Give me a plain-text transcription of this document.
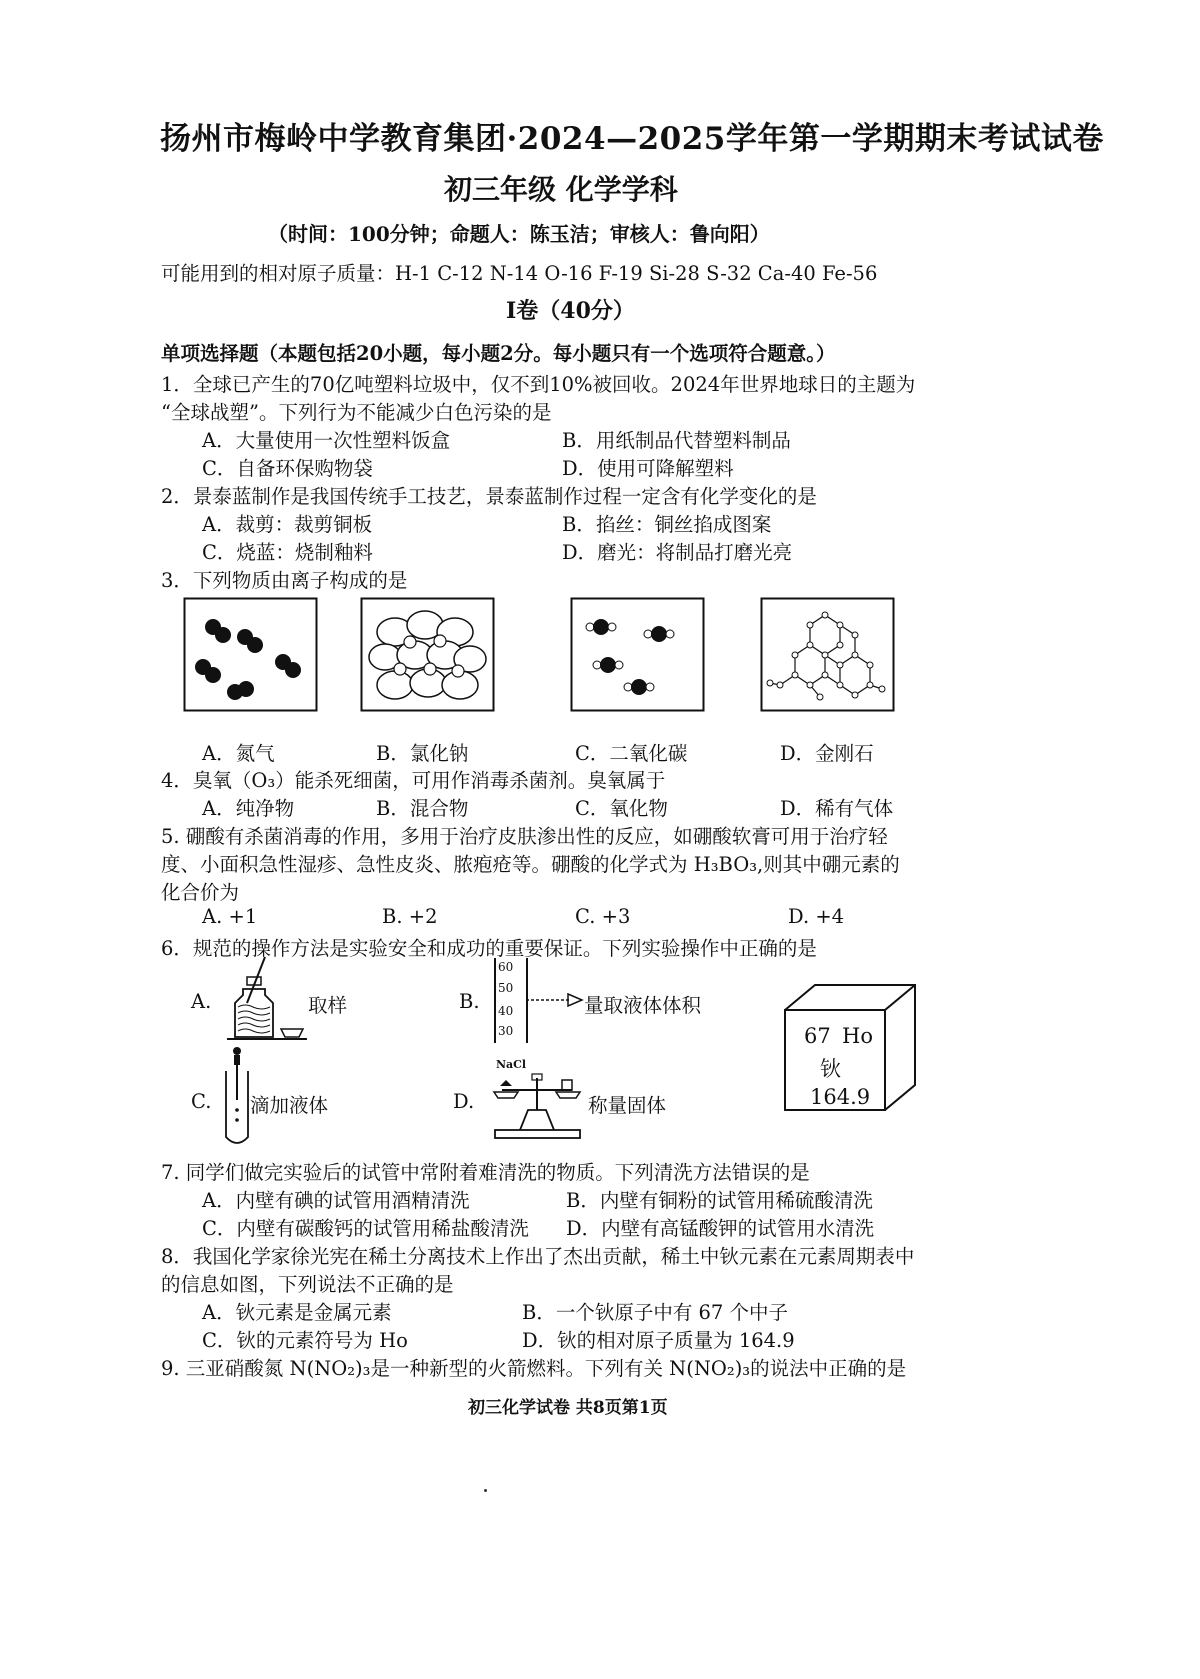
扬州市梅岭中学教育集团·2024—2025学年第一学期期末考试试卷
初三年级 化学学科
（时间：100分钟；命题人：陈玉洁；审核人：鲁向阳）
可能用到的相对原子质量：H-1 C-12 N-14 O-16 F-19 Si-28 S-32 Ca-40 Fe-56
Ⅰ卷（40分）
单项选择题（本题包括20小题，每小题2分。每小题只有一个选项符合题意。）
1．全球已产生的70亿吨塑料垃圾中，仅不到10%被回收。2024年世界地球日的主题为
“全球战塑”。下列行为不能减少白色污染的是
A．大量使用一次性塑料饭盒	B．用纸制品代替塑料制品
C．自备环保购物袋	D．使用可降解塑料
2．景泰蓝制作是我国传统手工技艺，景泰蓝制作过程一定含有化学变化的是
A．裁剪：裁剪铜板	B．掐丝：铜丝掐成图案
C．烧蓝：烧制釉料	D．磨光：将制品打磨光亮
3．下列物质由离子构成的是
A．氮气	B．氯化钠	C．二氧化碳	D．金刚石
4．臭氧（O₃）能杀死细菌，可用作消毒杀菌剂。臭氧属于
A．纯净物	B．混合物	C．氧化物	D．稀有气体
5. 硼酸有杀菌消毒的作用，多用于治疗皮肤渗出性的反应，如硼酸软膏可用于治疗轻
度、小面积急性湿疹、急性皮炎、脓疱疮等。硼酸的化学式为 H₃BO₃,则其中硼元素的
化合价为
A. +1	B. +2	C. +3	D. +4
6．规范的操作方法是实验安全和成功的重要保证。下列实验操作中正确的是
A.	取样	B.
60
50
40
30
量取液体体积
67 Ho
钬
164.9
C. 滴加液体	D.
NaCl
称量固体
7. 同学们做完实验后的试管中常附着难清洗的物质。下列清洗方法错误的是
A．内壁有碘的试管用酒精清洗	B．内壁有铜粉的试管用稀硫酸清洗
C．内壁有碳酸钙的试管用稀盐酸清洗 D．内壁有高锰酸钾的试管用水清洗
8．我国化学家徐光宪在稀土分离技术上作出了杰出贡献，稀土中钬元素在元素周期表中
的信息如图，下列说法不正确的是
A．钬元素是金属元素	B．一个钬原子中有 67 个中子
C．钬的元素符号为 Ho	D．钬的相对原子质量为 164.9
9. 三亚硝酸氮 N(NO₂)₃是一种新型的火箭燃料。下列有关 N(NO₂)₃的说法中正确的是
初三化学试卷 共8页第1页
